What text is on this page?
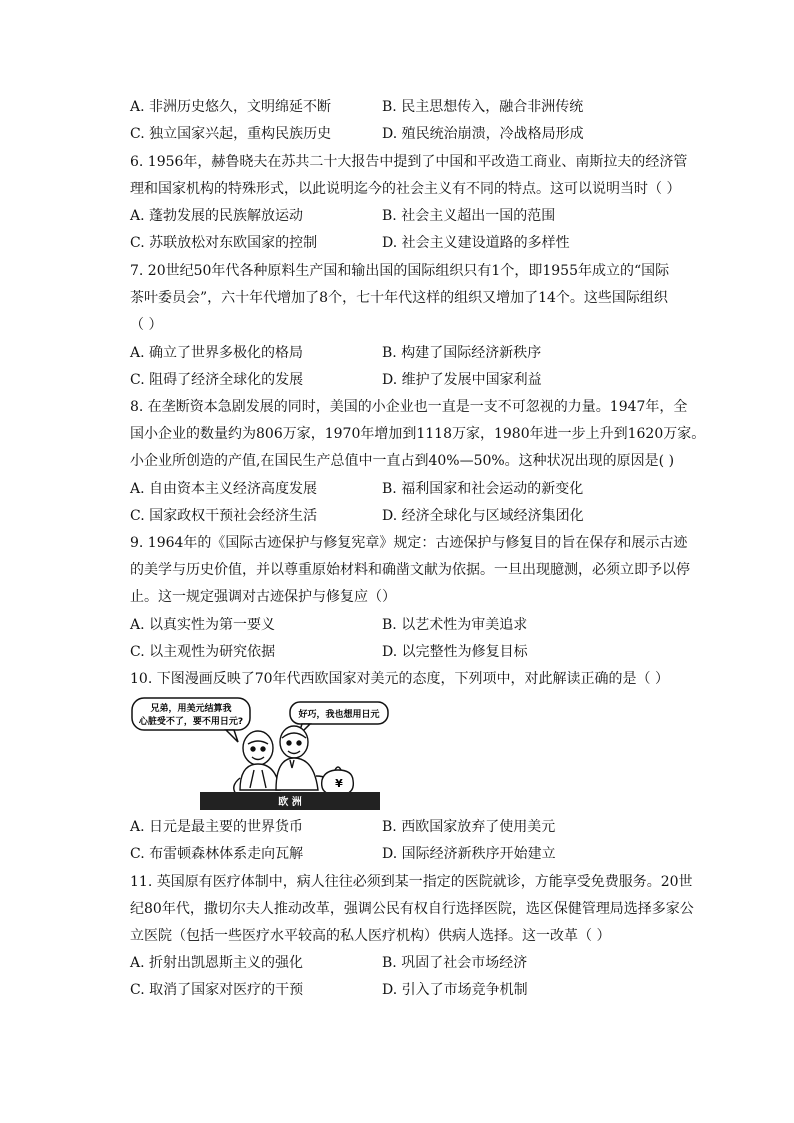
A. 非洲历史悠久，文明绵延不断	B. 民主思想传入，融合非洲传统
C. 独立国家兴起，重构民族历史	D. 殖民统治崩溃，冷战格局形成
6. 1956年，赫鲁晓夫在苏共二十大报告中提到了中国和平改造工商业、南斯拉夫的经济管
理和国家机构的特殊形式，以此说明迄今的社会主义有不同的特点。这可以说明当时（ ）
A. 蓬勃发展的民族解放运动	B. 社会主义超出一国的范围
C. 苏联放松对东欧国家的控制	D. 社会主义建设道路的多样性
7. 20世纪50年代各种原料生产国和输出国的国际组织只有1个，即1955年成立的“国际
茶叶委员会”，六十年代增加了8个，七十年代这样的组织又增加了14个。这些国际组织
（ ）
A. 确立了世界多极化的格局	B. 构建了国际经济新秩序
C. 阻碍了经济全球化的发展	D. 维护了发展中国家利益
8. 在垄断资本急剧发展的同时，美国的小企业也一直是一支不可忽视的力量。1947年，全
国小企业的数量约为806万家，1970年增加到1118万家，1980年进一步上升到1620万家。
小企业所创造的产值,在国民生产总值中一直占到40%—50%。这种状况出现的原因是( )
A. 自由资本主义经济高度发展	B. 福利国家和社会运动的新变化
C. 国家政权干预社会经济生活	D. 经济全球化与区域经济集团化
9. 1964年的《国际古迹保护与修复宪章》规定：古迹保护与修复目的旨在保存和展示古迹
的美学与历史价值，并以尊重原始材料和确凿文献为依据。一旦出现臆测，必须立即予以停
止。这一规定强调对古迹保护与修复应（）
A. 以真实性为第一要义	B. 以艺术性为审美追求
C. 以主观性为研究依据	D. 以完整性为修复目标
10. 下图漫画反映了70年代西欧国家对美元的态度，下列项中，对此解读正确的是（ ）
兄弟，用美元结算我
心脏受不了，要不用日元?
好巧，我也想用日元
¥
欧 洲
A. 日元是最主要的世界货币	B. 西欧国家放弃了使用美元
C. 布雷顿森林体系走向瓦解	D. 国际经济新秩序开始建立
11. 英国原有医疗体制中，病人往往必须到某一指定的医院就诊，方能享受免费服务。20世
纪80年代，撒切尔夫人推动改革，强调公民有权自行选择医院，选区保健管理局选择多家公
立医院（包括一些医疗水平较高的私人医疗机构）供病人选择。这一改革（ ）
A. 折射出凯恩斯主义的强化	B. 巩固了社会市场经济
C. 取消了国家对医疗的干预	D. 引入了市场竞争机制
